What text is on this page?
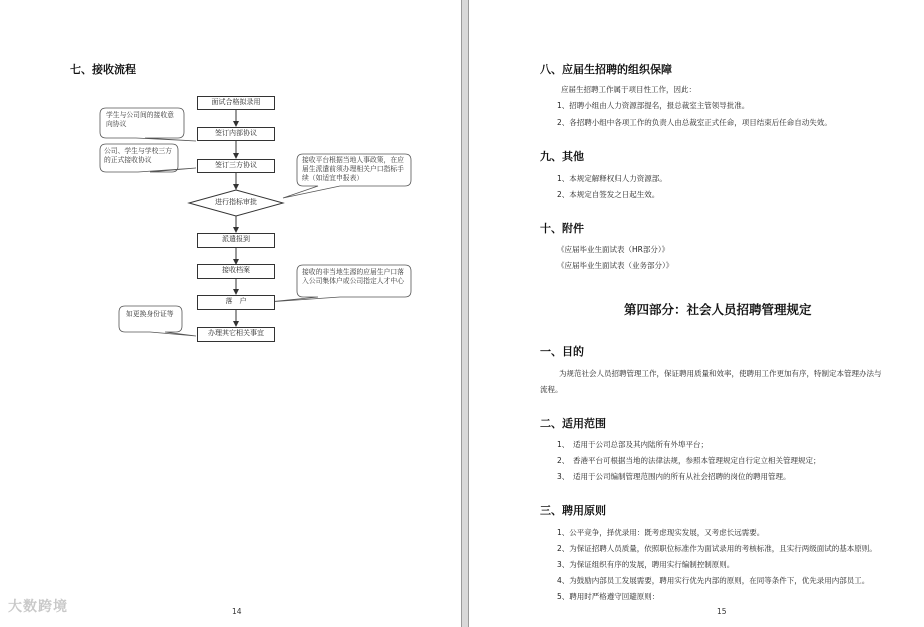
七、接收流程
面试合格拟录用
签订内部协议
签订三方协议
进行指标审批
派遣报到
接收档案
落　户
办理其它相关事宜
学生与公司间的接收意向协议
公司、学生与学校三方的正式接收协议	接收平台根据当地人事政策，在应届生派遣前须办理相关户口指标手续（如适宜申报表）
接收的非当地生源的应届生户口落入公司集体户或公司指定人才中心
如更换身份证等
14
大数跨境
八、应届生招聘的组织保障
应届生招聘工作属于项目性工作，因此：
1、招聘小组由人力资源部提名，报总裁室主管领导批准。
2、各招聘小组中各项工作的负责人由总裁室正式任命，项目结束后任命自动失效。
九、其他
1、本规定解释权归人力资源部。
2、本规定自签发之日起生效。
十、附件
《应届毕业生面试表（HR部分）》
《应届毕业生面试表（业务部分）》
第四部分：社会人员招聘管理规定
一、目的
为规范社会人员招聘管理工作，保证聘用质量和效率，使聘用工作更加有序，特制定本管理办法与
流程。
二、适用范围
1、　适用于公司总部及其内陆所有外埠平台；
2、　香港平台可根据当地的法律法规，参照本管理规定自行定立相关管理规定；
3、　适用于公司编制管理范围内的所有从社会招聘的岗位的聘用管理。
三、聘用原则
1、公平竞争，择优录用：既考虑现实发展，又考虑长远需要。
2、为保证招聘人员质量，依照职位标准作为面试录用的考核标准，且实行两级面试的基本原则。
3、为保证组织有序的发展，聘用实行编制控制原则。
4、为鼓励内部员工发展需要，聘用实行优先内部的原则，在同等条件下，优先录用内部员工。
5、聘用时严格遵守回避原则：
15
